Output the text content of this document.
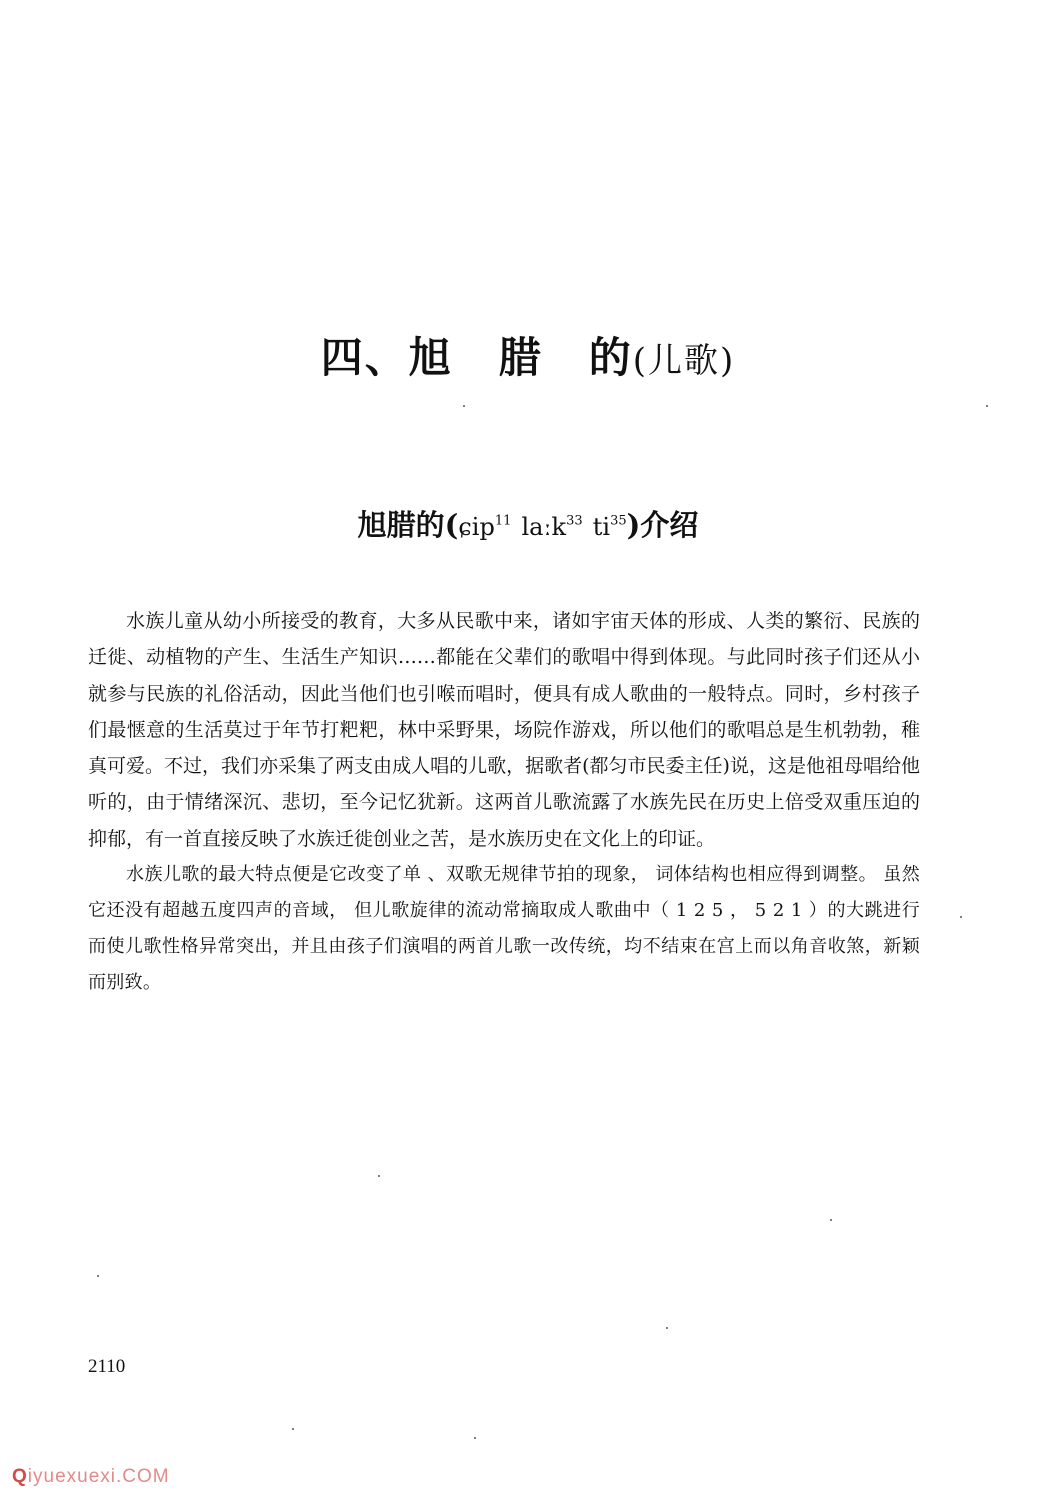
四、旭 腊 的(儿歌)
旭腊的(ɕip$^{11}$ laːk$^{33}$ $ti^{35}$)介绍

水族儿童从幼小所接受的教育，大多从民歌中来，诸如宇宙天体的形成、人类的繁衍、民族的迁徙、动植物的产生、生活生产知识……都能在父辈们的歌唱中得到体现。与此同时孩子们还从小就参与民族的礼俗活动，因此当他们也引喉而唱时，便具有成人歌曲的一般特点。同时，乡村孩子们最惬意的生活莫过于年节打粑粑，林中采野果，场院作游戏，所以他们的歌唱总是生机勃勃，稚真可爱。不过，我们亦采集了两支由成人唱的儿歌，据歌者(都匀市民委主任)说，这是他祖母唱给他听的，由于情绪深沉、悲切，至今记忆犹新。这两首儿歌流露了水族先民在历史上倍受双重压迫的抑郁，有一首直接反映了水族迁徙创业之苦，是水族历史在文化上的印证。

水族儿歌的最大特点便是它改变了单 、双歌无规律节拍的现象， 词体结构也相应得到调整。 虽然它还没有超越五度四声的音域， 但儿歌旋律的流动常摘取成人歌曲中（ 1 2 5 ， 5 2 1 ）的大跳进行而使儿歌性格异常突出，并且由孩子们演唱的两首儿歌一改传统，均不结束在宫上而以角音收煞，新颖而别致。

2110
Qiyuexuexi.COM
